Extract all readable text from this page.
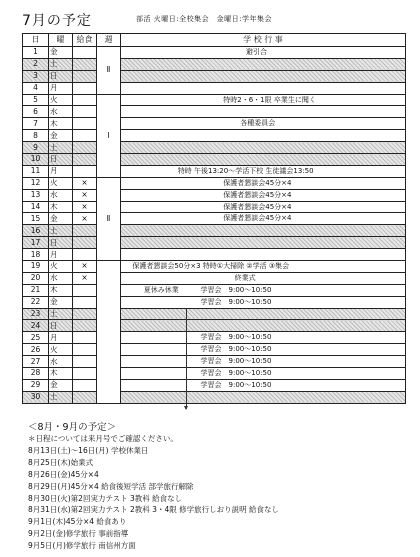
7月の予定	部活 火曜日:全校集会　金曜日:学年集会
日	曜	給食	週	学 校 行 事
1	金		Ⅱ	避引合

2	土			
3	日			
4	月			
5	火		Ⅰ	特時2・6・1限 卒業生に聞く

6	水			
7	木			各種委員会

8	金			
9	土			
10	日			
11	月			特時 午後13:20～学活下校 生徒議会13:50

12	火	×	Ⅱ	保護者懇談会45分×4

13	水	×		保護者懇談会45分×4

14	木	×		保護者懇談会45分×4

15	金	×		保護者懇談会45分×4

16	土			
17	日			
18	月			
19	火	×		保護者懇談会50分×3 特時①大掃除 ②学活 ③集会

20	水	×		終業式

21	木			夏休み休業 学習会　9:00～10:50

22	金			学習会　9:00～10:50

23	土			
24	日			
25	月			学習会　9:00～10:50

26	火			学習会　9:00～10:50

27	水			学習会　9:00～10:50

28	木			学習会　9:00～10:50

29	金			学習会　9:00～10:50

30	土			
＜8月・9月の予定＞
＊日程については来月号でご確認ください。
8月13日(土)～16日(月) 学校休業日
8月25日(木)始業式
8月26日(金)45分×4
8月29日(月)45分×4 給食後短学活 部学旅行解除
8月30日(火)第2回実力テスト 3教科 給食なし
8月31日(水)第2回実力テスト 2教科 3・4限 修学旅行しおり説明 給食なし
9月1日(木)45分×4 給食あり
9月2日(金)修学旅行 事前指導
9月5日(月)修学旅行 南信州方面
